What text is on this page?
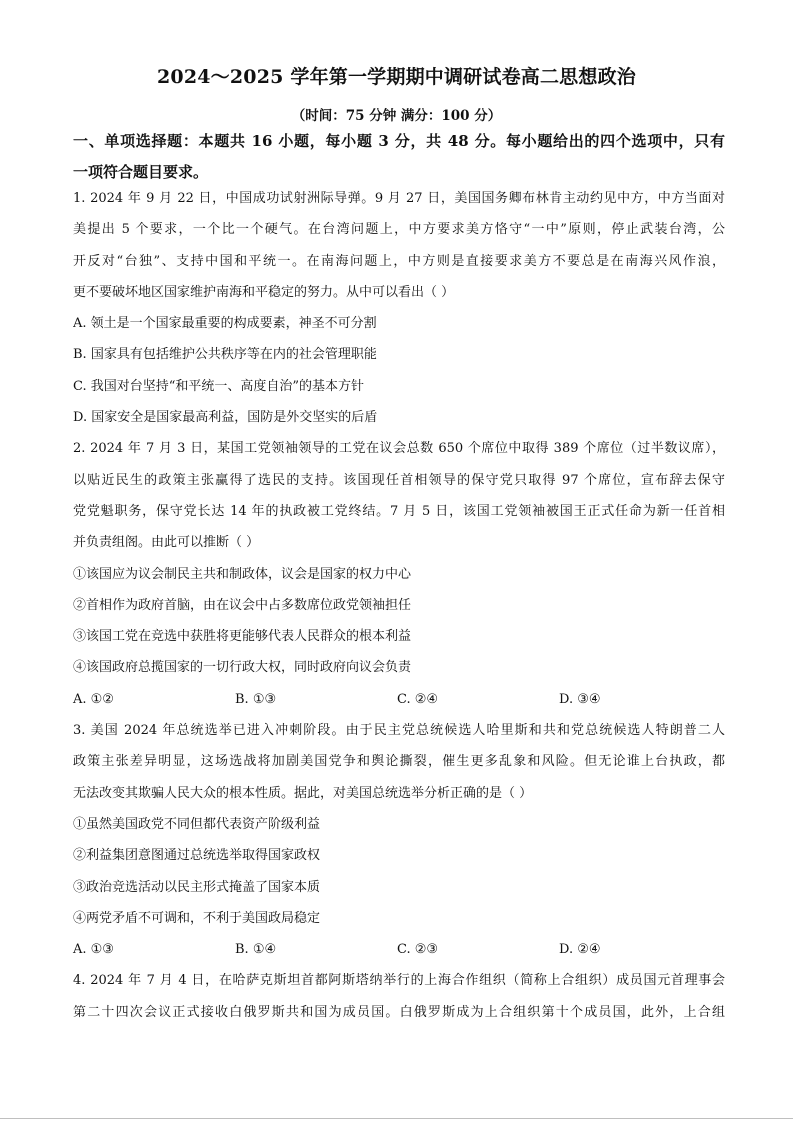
2024～2025 学年第一学期期中调研试卷高二思想政治
（时间：75 分钟 满分：100 分）
一、单项选择题：本题共 16 小题，每小题 3 分，共 48 分。每小题给出的四个选项中，只有
一项符合题目要求。
1. 2024 年 9 月 22 日，中国成功试射洲际导弹。9 月 27 日，美国国务卿布林肯主动约见中方，中方当面对
美提出 5 个要求，一个比一个硬气。在台湾问题上，中方要求美方恪守“一中”原则，停止武装台湾，公
开反对“台独”、支持中国和平统一。在南海问题上，中方则是直接要求美方不要总是在南海兴风作浪，
更不要破坏地区国家维护南海和平稳定的努力。从中可以看出（ ）
A. 领土是一个国家最重要的构成要素，神圣不可分割
B. 国家具有包括维护公共秩序等在内的社会管理职能
C. 我国对台坚持“和平统一、高度自治”的基本方针
D. 国家安全是国家最高利益，国防是外交坚实的后盾
2. 2024 年 7 月 3 日，某国工党领袖领导的工党在议会总数 650 个席位中取得 389 个席位（过半数议席），
以贴近民生的政策主张赢得了选民的支持。该国现任首相领导的保守党只取得 97 个席位，宣布辞去保守
党党魁职务，保守党长达 14 年的执政被工党终结。7 月 5 日，该国工党领袖被国王正式任命为新一任首相
并负责组阁。由此可以推断（ ）
①该国应为议会制民主共和制政体，议会是国家的权力中心
②首相作为政府首脑，由在议会中占多数席位政党领袖担任
③该国工党在竞选中获胜将更能够代表人民群众的根本利益
④该国政府总揽国家的一切行政大权，同时政府向议会负责
A. ①②	B. ①③	C. ②④	D. ③④
3. 美国 2024 年总统选举已进入冲刺阶段。由于民主党总统候选人哈里斯和共和党总统候选人特朗普二人
政策主张差异明显，这场选战将加剧美国党争和舆论撕裂，催生更多乱象和风险。但无论谁上台执政，都
无法改变其欺骗人民大众的根本性质。据此，对美国总统选举分析正确的是（ ）
①虽然美国政党不同但都代表资产阶级利益
②利益集团意图通过总统选举取得国家政权
③政治竞选活动以民主形式掩盖了国家本质
④两党矛盾不可调和，不利于美国政局稳定
A. ①③	B. ①④	C. ②③	D. ②④
4. 2024 年 7 月 4 日，在哈萨克斯坦首都阿斯塔纳举行的上海合作组织（简称上合组织）成员国元首理事会
第二十四次会议正式接收白俄罗斯共和国为成员国。白俄罗斯成为上合组织第十个成员国，此外，上合组
